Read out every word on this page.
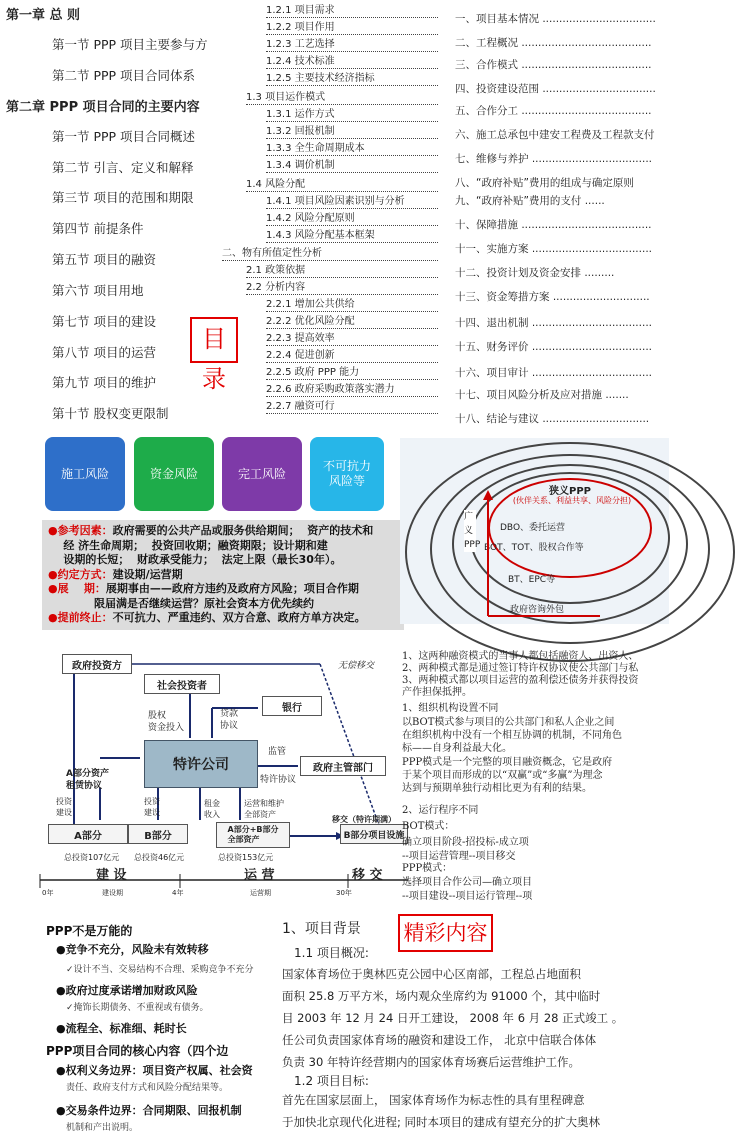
第一章 总 则
第一节 PPP 项目主要参与方
第二节 PPP 项目合同体系
第二章 PPP 项目合同的主要内容
第一节 PPP 项目合同概述
第二节 引言、定义和解释
第三节 项目的范围和期限
第四节 前提条件
第五节 项目的融资
第六节 项目用地
第七节 项目的建设
第八节 项目的运营
第九节 项目的维护
第十节 股权变更限制
目录
1.2.1 项目需求
1.2.2 项目作用
1.2.3 工艺选择
1.2.4 技术标准
1.2.5 主要技术经济指标
1.3 项目运作模式
1.3.1 运作方式
1.3.2 回报机制
1.3.3 全生命周期成本
1.3.4 调价机制
1.4 风险分配
1.4.1 项目风险因素识别与分析
1.4.2 风险分配原则
1.4.3 风险分配基本框架
二、物有所值定性分析
2.1 政策依据
2.2 分析内容
2.2.1 增加公共供给
2.2.2 优化风险分配
2.2.3 提高效率
2.2.4 促进创新
2.2.5 政府 PPP 能力
2.2.6 政府采购政策落实潜力
2.2.7 融资可行
一、项目基本情况 ..................................
二、工程概况 .......................................
三、合作模式 .......................................
四、投资建设范围 ..................................
五、合作分工 .......................................
六、施工总承包中建安工程费及工程款支付
七、维修与养护 ....................................
八、“政府补贴”费用的组成与确定原则
九、“政府补贴”费用的支付 ......
十、保障措施 .......................................
十一、实施方案 ....................................
十二、投资计划及资金安排 .........
十三、资金筹措方案 .............................
十四、退出机制 ....................................
十五、财务评价 ....................................
十六、项目审计 ....................................
十七、项目风险分析及应对措施 .......
十八、结论与建议 ................................
施工风险	资金风险	完工风险
不可抗力
风险等
●参考因素：政府需要的公共产品或服务供给期间；  资产的技术和
经 济生命周期；  投资回收期；融资期限；设计期和建
设期的长短；  财政承受能力；  法定上限（最长30年）。
●约定方式：建设期/运营期
●展    期：展期事由——政府方违约及政府方风险；项目合作期
限届满是否继续运营？原社会资本方优先续约
●提前终止：不可抗力、严重违约、双方合意、政府方单方决定。
狭义PPP
(伙伴关系、利益共享、风险分担)
DBO、委托运营
BOT、TOT、股权合作等
BT、EPC等
政府咨询外包
广义PPP
政府投资方	无偿移交
社会投资者
银行
股权
资金投入
贷款
协议
特许公司	政府主管部门
监管
特许协议
A部分资产
租赁协议
投资
建设
投资
建设
租金
收入
运营和维护
全部资产
移交（特许期满）
A部分	B部分
A部分+B部分
全部资产	B部分项目设施
总投资107亿元 总投资46亿元	总投资153亿元
建 设	运 营	移 交
0年	建设期	4年	运营期	30年
1、这两种融资模式的当事人都包括融资人、出资人、
2、两种模式都是通过签订特许权协议使公共部门与私
3、两种模式都以项目运营的盈利偿还债务并获得投资
产作担保抵押。
1、组织机构设置不同
以BOT模式参与项目的公共部门和私人企业之间
在组织机构中没有一个相互协调的机制，不同角色
标——自身利益最大化。
PPP模式是一个完整的项目融资概念，它是政府
于某个项目而形成的以“双赢”或“多赢”为理念
达到与预期单独行动相比更为有利的结果。
2、运行程序不同
BOT模式：
确立项目阶段-招投标-成立项
--项目运营管理--项目移交
PPP模式：
选择项目合作公司—确立项目
--项目建设--项目运行管理--项
PPP不是万能的
●竞争不充分，风险未有效转移
✓设计不当、交易结构不合理、采购竞争不充分
●政府过度承诺增加财政风险
✓掩饰长期债务、不重视或有债务。
●流程全、标准细、耗时长
PPP项目合同的核心内容（四个边
●权利义务边界：项目资产权属、社会资
责任、政府支付方式和风险分配结果等。
●交易条件边界：合同期限、回报机制
机制和产出说明。
1、项目背景 精彩内容
1.1 项目概况:
国家体育场位于奥林匹克公园中心区南部，工程总占地面积
面积 25.8 万平方米，场内观众坐席约为 91000 个，其中临时
目 2003 年 12 月 24 日开工建设， 2008 年 6 月 28 正式竣工 。
任公司负责国家体育场的融资和建设工作， 北京中信联合体体
负责 30 年特许经营期内的国家体育场赛后运营维护工作。
1.2 项目目标:
首先在国家层面上， 国家体育场作为标志性的具有里程碑意
于加快北京现代化进程; 同时本项目的建成有望充分的扩大奥林
